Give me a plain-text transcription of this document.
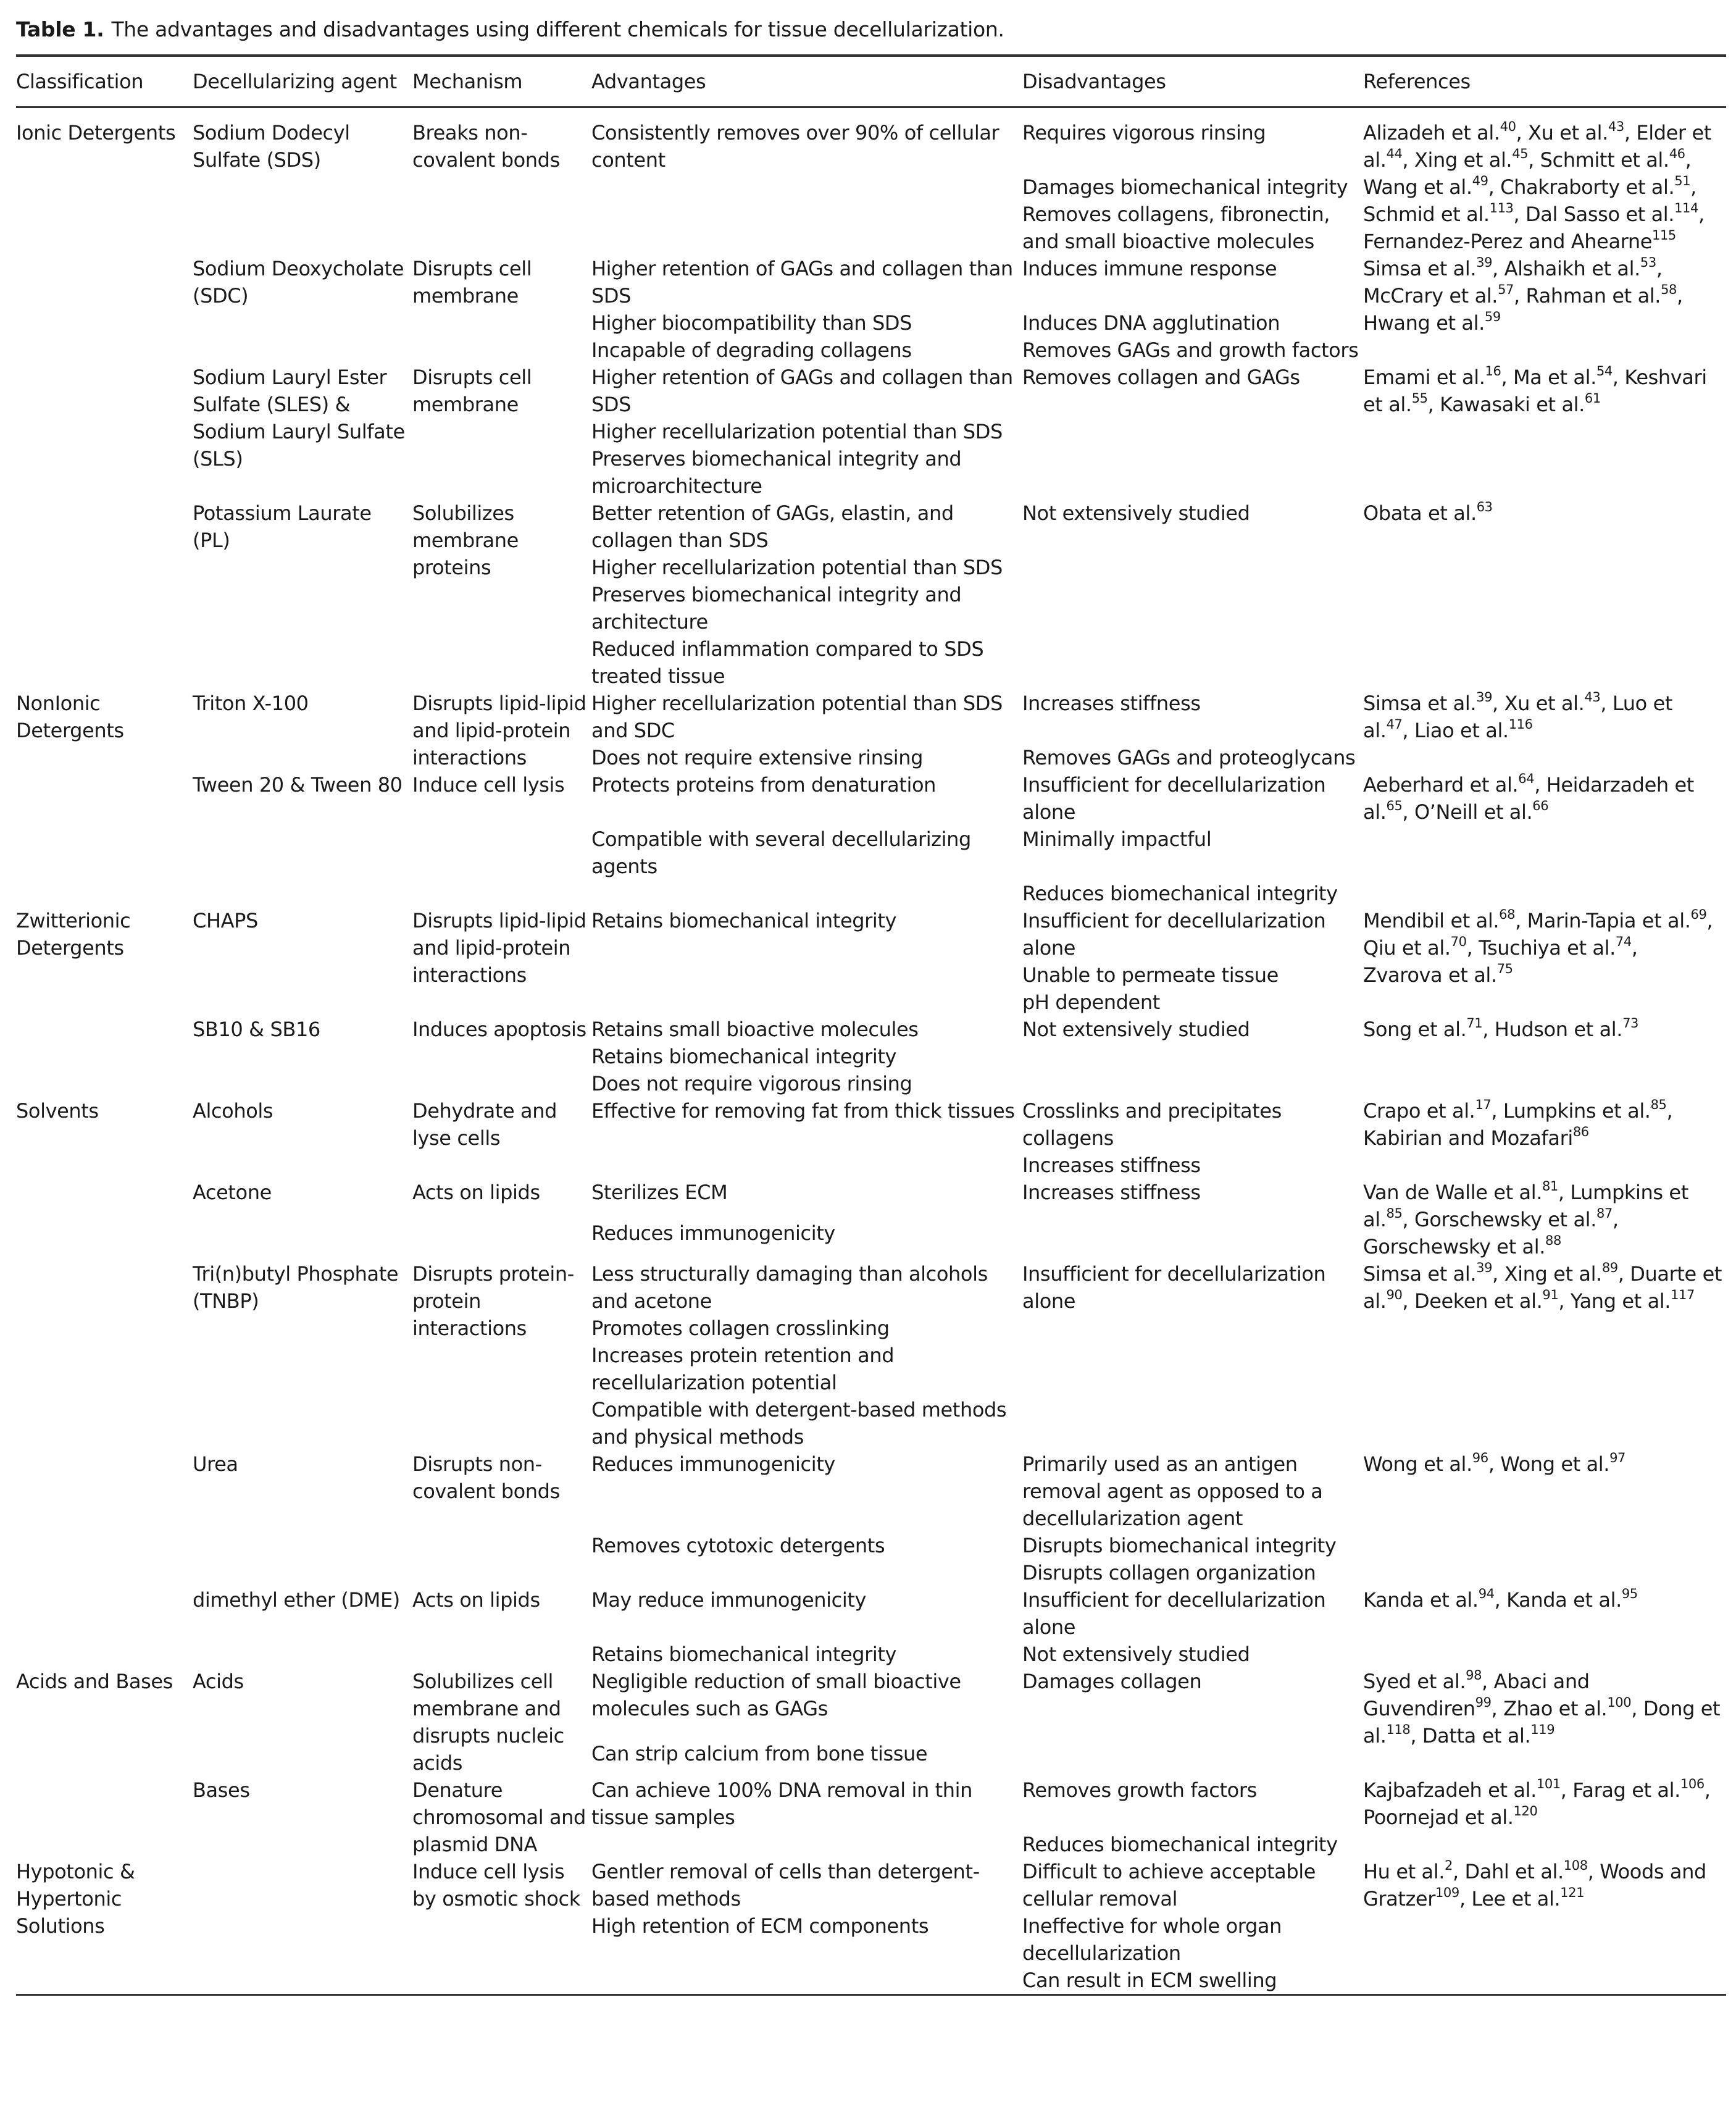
Table 1. The advantages and disadvantages using different chemicals for tissue decellularization.
Classification	Decellularizing agent	Mechanism	Advantages	Disadvantages	References
Ionic Detergents	Sodium Dodecyl Sulfate (SDS)	Breaks non-covalent bonds	Consistently removes over 90% of cellular content	Requires vigorous rinsing	Alizadeh et al.$^{40}$, Xu et al.$^{43}$, Elder et al.$^{44}$, Xing et al.$^{45}$, Schmitt et al.$^{46}$, Wang et al.$^{49}$, Chakraborty et al.$^{51}$, Schmid et al.$^{113}$, Dal Sasso et al.$^{114}$, Fernandez-Perez and Ahearne$^{115}$
				Damages biomechanical integrity	
				Removes collagens, fibronectin, and small bioactive molecules	
	Sodium Deoxycholate (SDC)	Disrupts cell membrane	Higher retention of GAGs and collagen than SDS	Induces immune response	Simsa et al.$^{39}$, Alshaikh et al.$^{53}$, McCrary et al.$^{57}$, Rahman et al.$^{58}$, Hwang et al.$^{59}$
			Higher biocompatibility than SDS	Induces DNA agglutination	
			Incapable of degrading collagens	Removes GAGs and growth factors	
	Sodium Lauryl Ester Sulfate (SLES) & Sodium Lauryl Sulfate (SLS)	Disrupts cell membrane	Higher retention of GAGs and collagen than SDS	Removes collagen and GAGs	Emami et al.$^{16}$, Ma et al.$^{54}$, Keshvari et al.$^{55}$, Kawasaki et al.$^{61}$
			Higher recellularization potential than SDS		
			Preserves biomechanical integrity and microarchitecture		
	Potassium Laurate (PL)	Solubilizes membrane proteins	Better retention of GAGs, elastin, and collagen than SDS	Not extensively studied	Obata et al.$^{63}$
			Higher recellularization potential than SDS		
			Preserves biomechanical integrity and architecture		
			Reduced inflammation compared to SDS treated tissue		
NonIonic Detergents	Triton X-100	Disrupts lipid-lipid and lipid-protein interactions	Higher recellularization potential than SDS and SDC	Increases stiffness	Simsa et al.$^{39}$, Xu et al.$^{43}$, Luo et al.$^{47}$, Liao et al.$^{116}$
			Does not require extensive rinsing	Removes GAGs and proteoglycans	
	Tween 20 & Tween 80	Induce cell lysis	Protects proteins from denaturation	Insufficient for decellularization alone	Aeberhard et al.$^{64}$, Heidarzadeh et al.$^{65}$, O’Neill et al.$^{66}$
			Compatible with several decellularizing agents	Minimally impactful	
				Reduces biomechanical integrity	
Zwitterionic Detergents	CHAPS	Disrupts lipid-lipid and lipid-protein interactions	Retains biomechanical integrity	Insufficient for decellularization alone	Mendibil et al.$^{68}$, Marin-Tapia et al.$^{69}$, Qiu et al.$^{70}$, Tsuchiya et al.$^{74}$, Zvarova et al.$^{75}$
				Unable to permeate tissue	
				pH dependent	
	SB10 & SB16	Induces apoptosis	Retains small bioactive molecules	Not extensively studied	Song et al.$^{71}$, Hudson et al.$^{73}$
			Retains biomechanical integrity		
			Does not require vigorous rinsing		
Solvents	Alcohols	Dehydrate and lyse cells	Effective for removing fat from thick tissues	Crosslinks and precipitates collagens	Crapo et al.$^{17}$, Lumpkins et al.$^{85}$, Kabirian and Mozafari$^{86}$
				Increases stiffness	
	Acetone	Acts on lipids	Sterilizes ECM	Increases stiffness	Van de Walle et al.$^{81}$, Lumpkins et al.$^{85}$, Gorschewsky et al.$^{87}$, Gorschewsky et al.$^{88}$
			Reduces immunogenicity		
	Tri(n)butyl Phosphate (TNBP)	Disrupts protein-protein interactions	Less structurally damaging than alcohols and acetone	Insufficient for decellularization alone	Simsa et al.$^{39}$, Xing et al.$^{89}$, Duarte et al.$^{90}$, Deeken et al.$^{91}$, Yang et al.$^{117}$
			Promotes collagen crosslinking		
			Increases protein retention and recellularization potential		
			Compatible with detergent-based methods and physical methods		
	Urea	Disrupts non-covalent bonds	Reduces immunogenicity	Primarily used as an antigen removal agent as opposed to a decellularization agent	Wong et al.$^{96}$, Wong et al.$^{97}$
			Removes cytotoxic detergents	Disrupts biomechanical integrity	
				Disrupts collagen organization	
	dimethyl ether (DME)	Acts on lipids	May reduce immunogenicity	Insufficient for decellularization alone	Kanda et al.$^{94}$, Kanda et al.$^{95}$
			Retains biomechanical integrity	Not extensively studied	
Acids and Bases	Acids	Solubilizes cell membrane and disrupts nucleic acids	Negligible reduction of small bioactive molecules such as GAGs	Damages collagen	Syed et al.$^{98}$, Abaci and Guvendiren$^{99}$, Zhao et al.$^{100}$, Dong et al.$^{118}$, Datta et al.$^{119}$
			Can strip calcium from bone tissue		
	Bases	Denature chromosomal and plasmid DNA	Can achieve 100% DNA removal in thin tissue samples	Removes growth factors	Kajbafzadeh et al.$^{101}$, Farag et al.$^{106}$, Poornejad et al.$^{120}$
				Reduces biomechanical integrity	
Hypotonic & Hypertonic Solutions		Induce cell lysis by osmotic shock	Gentler removal of cells than detergent-based methods	Difficult to achieve acceptable cellular removal	Hu et al.$^2$, Dahl et al.$^{108}$, Woods and Gratzer$^{109}$, Lee et al.$^{121}$
			High retention of ECM components	Ineffective for whole organ decellularization	
				Can result in ECM swelling	
